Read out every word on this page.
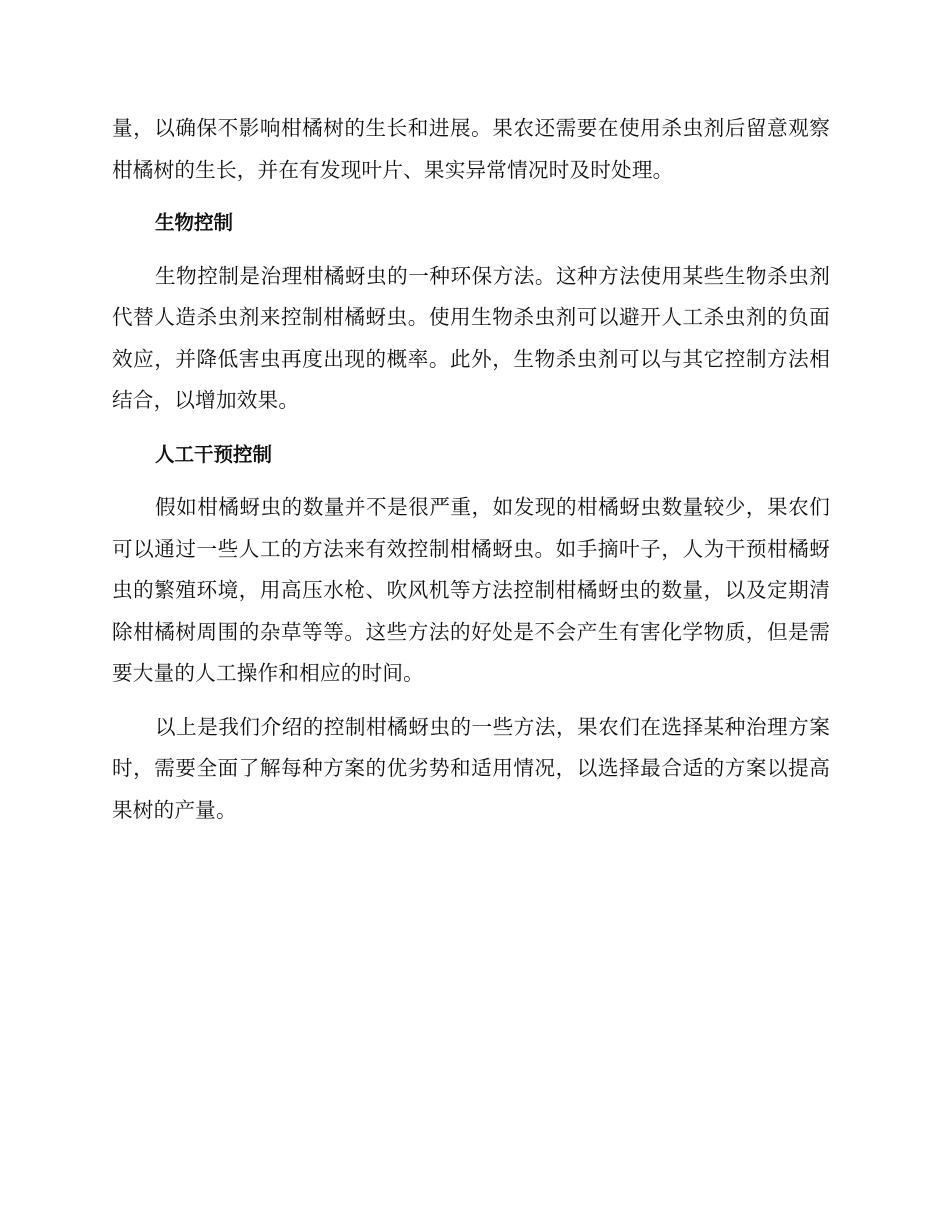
量，以确保不影响柑橘树的生长和进展。果农还需要在使用杀虫剂后留意观察柑橘树的生长，并在有发现叶片、果实异常情况时及时处理。

生物控制

生物控制是治理柑橘蚜虫的一种环保方法。这种方法使用某些生物杀虫剂代替人造杀虫剂来控制柑橘蚜虫。使用生物杀虫剂可以避开人工杀虫剂的负面效应，并降低害虫再度出现的概率。此外，生物杀虫剂可以与其它控制方法相结合，以增加效果。

人工干预控制

假如柑橘蚜虫的数量并不是很严重，如发现的柑橘蚜虫数量较少，果农们可以通过一些人工的方法来有效控制柑橘蚜虫。如手摘叶子，人为干预柑橘蚜虫的繁殖环境，用高压水枪、吹风机等方法控制柑橘蚜虫的数量，以及定期清除柑橘树周围的杂草等等。这些方法的好处是不会产生有害化学物质，但是需要大量的人工操作和相应的时间。

以上是我们介绍的控制柑橘蚜虫的一些方法，果农们在选择某种治理方案时，需要全面了解每种方案的优劣势和适用情况，以选择最合适的方案以提高果树的产量。
